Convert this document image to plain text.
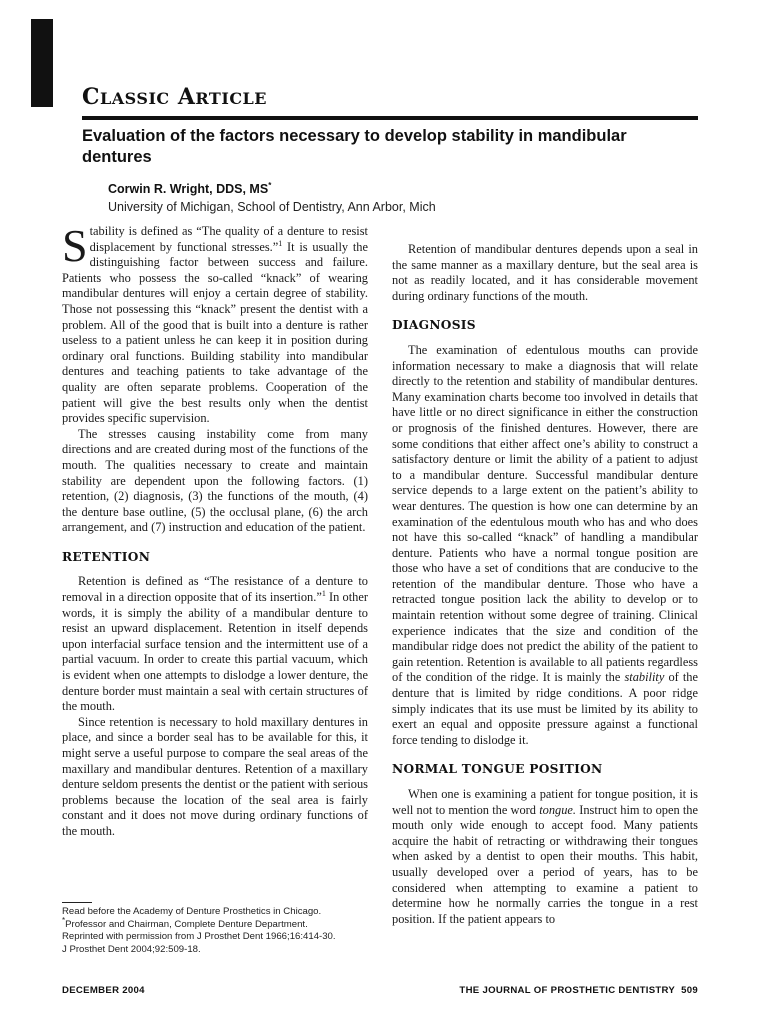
CLASSIC ARTICLE
Evaluation of the factors necessary to develop stability in mandibular dentures
Corwin R. Wright, DDS, MS*
University of Michigan, School of Dentistry, Ann Arbor, Mich

Stability is defined as “The quality of a denture to resist displacement by functional stresses.”$^1$ It is usually the distinguishing factor between success and failure. Patients who possess the so-called “knack” of wearing mandibular dentures will enjoy a certain degree of stability. Those not possessing this “knack” present the dentist with a problem. All of the good that is built into a denture is rather useless to a patient unless he can keep it in position during ordinary oral functions. Building stability into mandibular dentures and teaching patients to take advantage of the quality are often separate problems. Cooperation of the patient will give the best results only when the dentist provides specific supervision.

The stresses causing instability come from many directions and are created during most of the functions of the mouth. The qualities necessary to create and maintain stability are dependent upon the following factors. (1) retention, (2) diagnosis, (3) the functions of the mouth, (4) the denture base outline, (5) the occlusal plane, (6) the arch arrangement, and (7) instruction and education of the patient.

RETENTION

Retention is defined as “The resistance of a denture to removal in a direction opposite that of its insertion.”$^1$ In other words, it is simply the ability of a mandibular denture to resist an upward displacement. Retention in itself depends upon interfacial surface tension and the intermittent use of a partial vacuum. In order to create this partial vacuum, which is evident when one attempts to dislodge a lower denture, the denture border must maintain a seal with certain structures of the mouth.

Since retention is necessary to hold maxillary dentures in place, and since a border seal has to be available for this, it might serve a useful purpose to compare the seal areas of the maxillary and mandibular dentures. Retention of a maxillary denture seldom presents the dentist or the patient with serious problems because the location of the seal area is fairly constant and it does not move during ordinary functions of the mouth.

Retention of mandibular dentures depends upon a seal in the same manner as a maxillary denture, but the seal area is not as readily located, and it has considerable movement during ordinary functions of the mouth.

DIAGNOSIS

The examination of edentulous mouths can provide information necessary to make a diagnosis that will relate directly to the retention and stability of mandibular dentures. Many examination charts become too involved in details that have little or no direct significance in either the construction or prognosis of the finished dentures. However, there are some conditions that either affect one’s ability to construct a satisfactory denture or limit the ability of a patient to adjust to a mandibular denture. Successful mandibular denture service depends to a large extent on the patient’s ability to wear dentures. The question is how one can determine by an examination of the edentulous mouth who has and who does not have this so-called “knack” of handling a mandibular denture. Patients who have a normal tongue position are those who have a set of conditions that are conducive to the retention of the mandibular denture. Those who have a retracted tongue position lack the ability to develop or to maintain retention without some degree of training. Clinical experience indicates that the size and condition of the mandibular ridge does not predict the ability of the patient to gain retention. Retention is available to all patients regardless of the condition of the ridge. It is mainly the stability of the denture that is limited by ridge conditions. A poor ridge simply indicates that its use must be limited by its ability to exert an equal and opposite pressure against a functional force tending to dislodge it.

NORMAL TONGUE POSITION

When one is examining a patient for tongue position, it is well not to mention the word tongue. Instruct him to open the mouth only wide enough to accept food. Many patients acquire the habit of retracting or withdrawing their tongues when asked by a dentist to open their mouths. This habit, usually developed over a period of years, has to be considered when attempting to examine a patient to determine how he normally carries the tongue in a rest position. If the patient appears to

Read before the Academy of Denture Prosthetics in Chicago.
*Professor and Chairman, Complete Denture Department.
Reprinted with permission from J Prosthet Dent 1966;16:414-30.
J Prosthet Dent 2004;92:509-18.
DECEMBER 2004	THE JOURNAL OF PROSTHETIC DENTISTRY 509
